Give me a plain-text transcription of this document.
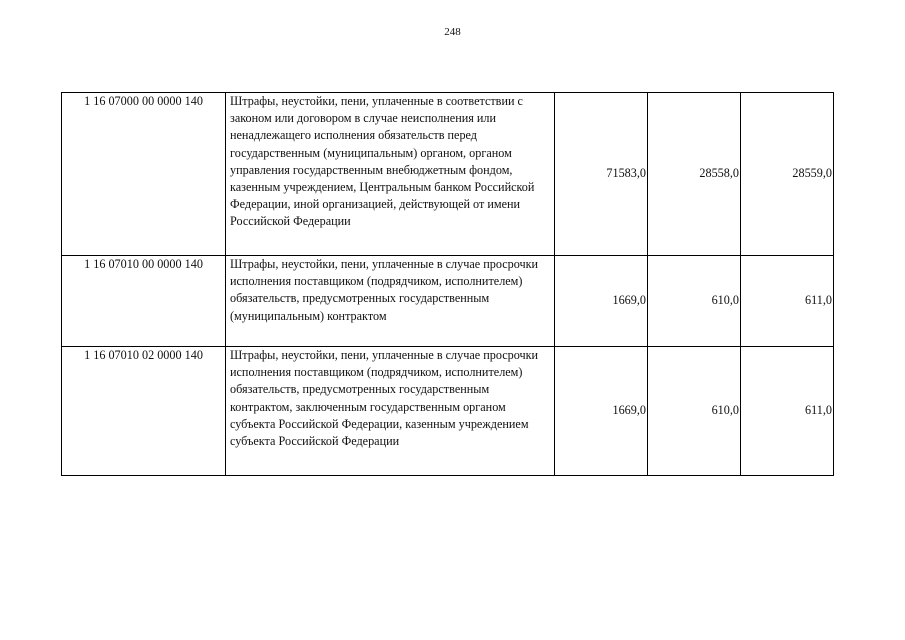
248
1 16 07000 00 0000 140	Штрафы, неустойки, пени, уплаченные в соответствии с законом или договором в случае неисполнения или ненадлежащего исполнения обязательств перед государственным (муниципальным) органом, органом управления государственным внебюджетным фондом, казенным учреждением, Центральным банком Российской Федерации, иной организацией, действующей от имени Российской Федерации	71583,0	28558,0	28559,0
1 16 07010 00 0000 140	Штрафы, неустойки, пени, уплаченные в случае просрочки исполнения поставщиком (подрядчиком, исполнителем) обязательств, предусмотренных государственным (муниципальным) контрактом	1669,0	610,0	611,0
1 16 07010 02 0000 140	Штрафы, неустойки, пени, уплаченные в случае просрочки исполнения поставщиком (подрядчиком, исполнителем) обязательств, предусмотренных государственным контрактом, заключенным государственным органом субъекта Российской Федерации, казенным учреждением субъекта Российской Федерации	1669,0	610,0	611,0
